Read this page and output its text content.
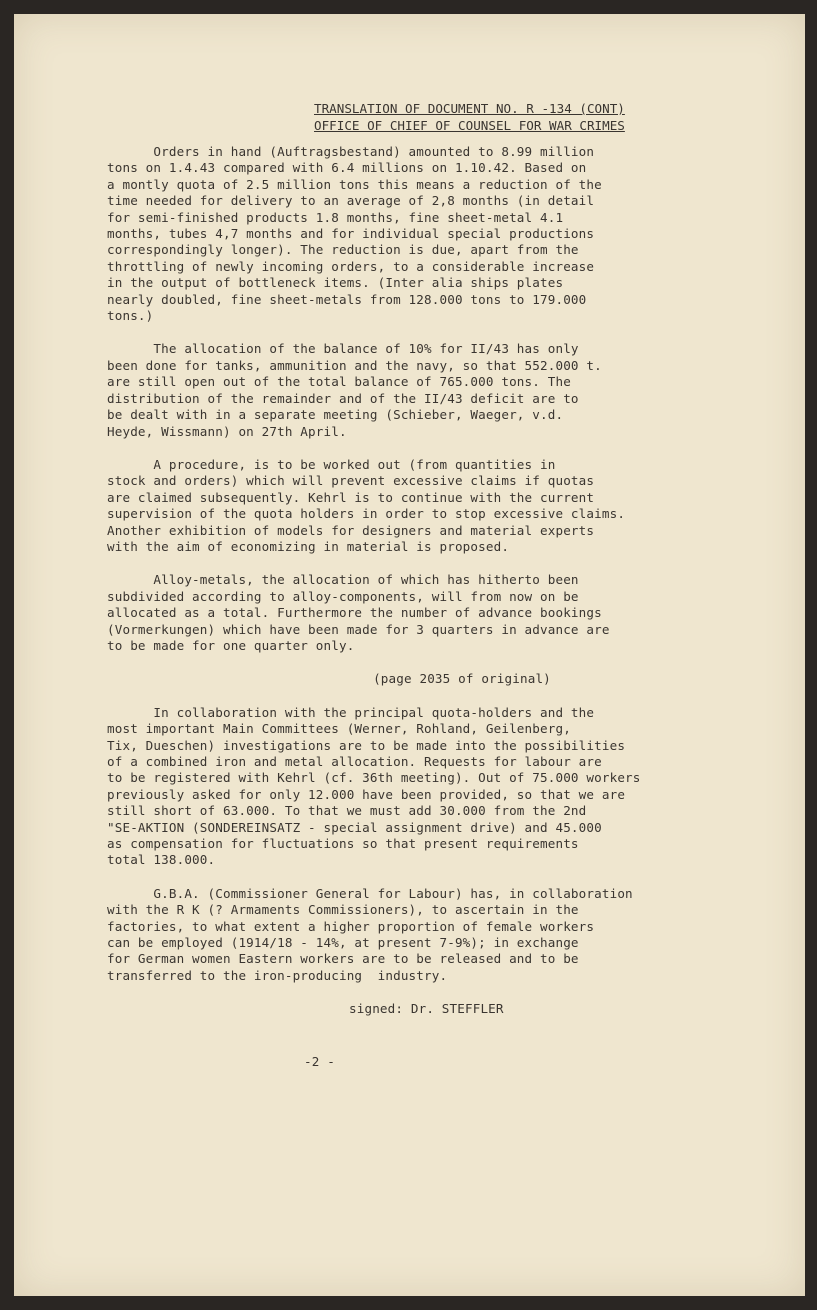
TRANSLATION OF DOCUMENT NO. R -134 (CONT)
OFFICE OF CHIEF OF COUNSEL FOR WAR CRIMES

Orders in hand (Auftragsbestand) amounted to 8.99 million
tons on 1.4.43 compared with 6.4 millions on 1.10.42. Based on
a montly quota of 2.5 million tons this means a reduction of the
time needed for delivery to an average of 2,8 months (in detail
for semi-finished products 1.8 months, fine sheet-metal 4.1
months, tubes 4,7 months and for individual special productions
correspondingly longer). The reduction is due, apart from the
throttling of newly incoming orders, to a considerable increase
in the output of bottleneck items. (Inter alia ships plates
nearly doubled, fine sheet-metals from 128.000 tons to 179.000
tons.)

The allocation of the balance of 10% for II/43 has only
been done for tanks, ammunition and the navy, so that 552.000 t.
are still open out of the total balance of 765.000 tons. The
distribution of the remainder and of the II/43 deficit are to
be dealt with in a separate meeting (Schieber, Waeger, v.d.
Heyde, Wissmann) on 27th April.

A procedure, is to be worked out (from quantities in
stock and orders) which will prevent excessive claims if quotas
are claimed subsequently. Kehrl is to continue with the current
supervision of the quota holders in order to stop excessive claims.
Another exhibition of models for designers and material experts
with the aim of economizing in material is proposed.

Alloy-metals, the allocation of which has hitherto been
subdivided according to alloy-components, will from now on be
allocated as a total. Furthermore the number of advance bookings
(Vormerkungen) which have been made for 3 quarters in advance are
to be made for one quarter only.

(page 2035 of original)

In collaboration with the principal quota-holders and the
most important Main Committees (Werner, Rohland, Geilenberg,
Tix, Dueschen) investigations are to be made into the possibilities
of a combined iron and metal allocation. Requests for labour are
to be registered with Kehrl (cf. 36th meeting). Out of 75.000 workers
previously asked for only 12.000 have been provided, so that we are
still short of 63.000. To that we must add 30.000 from the 2nd
"SE-AKTION (SONDEREINSATZ - special assignment drive) and 45.000
as compensation for fluctuations so that present requirements
total 138.000.

G.B.A. (Commissioner General for Labour) has, in collaboration
with the R K (? Armaments Commissioners), to ascertain in the
factories, to what extent a higher proportion of female workers
can be employed (1914/18 - 14%, at present 7-9%); in exchange
for German women Eastern workers are to be released and to be
transferred to the iron-producing  industry.

signed: Dr. STEFFLER

-2 -
